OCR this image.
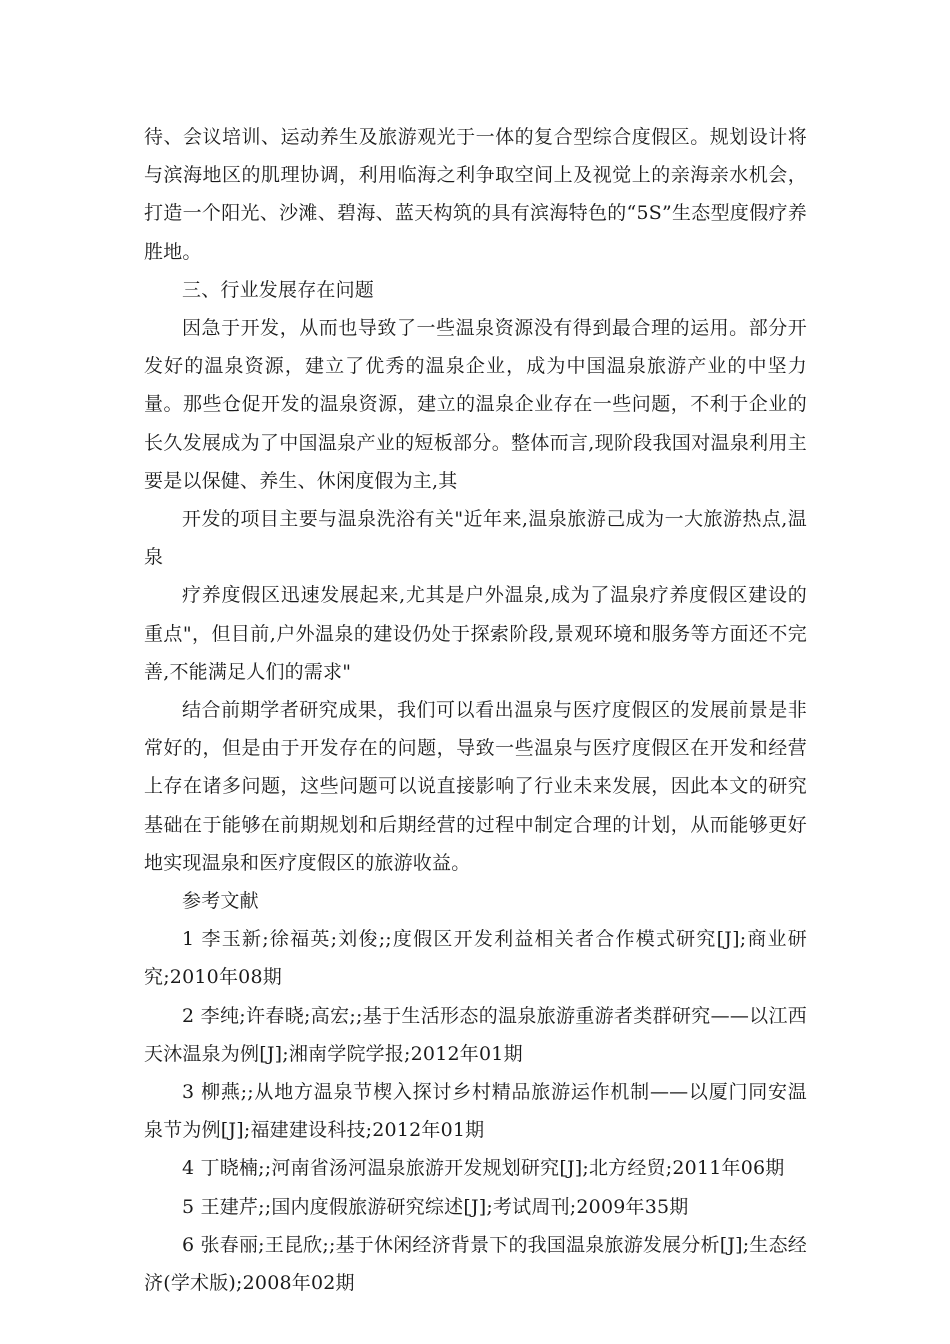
待、会议培训、运动养生及旅游观光于一体的复合型综合度假区。规划设计将与滨海地区的肌理协调，利用临海之利争取空间上及视觉上的亲海亲水机会，打造一个阳光、沙滩、碧海、蓝天构筑的具有滨海特色的“5S”生态型度假疗养胜地。

三、行业发展存在问题

因急于开发，从而也导致了一些温泉资源没有得到最合理的运用。部分开发好的温泉资源，建立了优秀的温泉企业，成为中国温泉旅游产业的中坚力量。那些仓促开发的温泉资源，建立的温泉企业存在一些问题，不利于企业的长久发展成为了中国温泉产业的短板部分。整体而言,现阶段我国对温泉利用主要是以保健、养生、休闲度假为主,其

开发的项目主要与温泉洗浴有关"近年来,温泉旅游己成为一大旅游热点,温泉

疗养度假区迅速发展起来,尤其是户外温泉,成为了温泉疗养度假区建设的重点"，但目前,户外温泉的建设仍处于探索阶段,景观环境和服务等方面还不完善,不能满足人们的需求"

结合前期学者研究成果，我们可以看出温泉与医疗度假区的发展前景是非常好的，但是由于开发存在的问题，导致一些温泉与医疗度假区在开发和经营上存在诸多问题，这些问题可以说直接影响了行业未来发展，因此本文的研究基础在于能够在前期规划和后期经营的过程中制定合理的计划，从而能够更好地实现温泉和医疗度假区的旅游收益。

参考文献

1 李玉新;徐福英;刘俊;;度假区开发利益相关者合作模式研究[J];商业研究;2010年08期

2 李纯;许春晓;高宏;;基于生活形态的温泉旅游重游者类群研究——以江西天沐温泉为例[J];湘南学院学报;2012年01期

3 柳燕;;从地方温泉节楔入探讨乡村精品旅游运作机制——以厦门同安温泉节为例[J];福建建设科技;2012年01期

4 丁晓楠;;河南省汤河温泉旅游开发规划研究[J];北方经贸;2011年06期

5 王建芹;;国内度假旅游研究综述[J];考试周刊;2009年35期

6 张春丽;王昆欣;;基于休闲经济背景下的我国温泉旅游发展分析[J];生态经济(学术版);2008年02期
